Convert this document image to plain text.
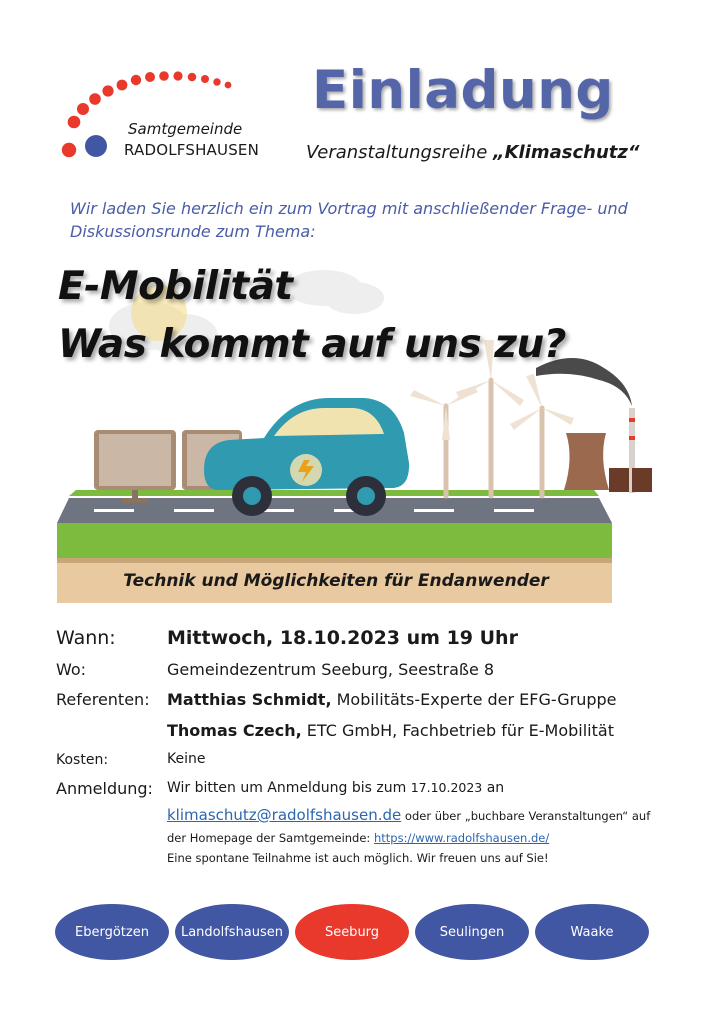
Samtgemeinde
RADOLFSHAUSEN
Einladung
Veranstaltungsreihe „Klimaschutz“
Wir laden Sie herzlich ein zum Vortrag mit anschließender Frage- und Diskussionsrunde zum Thema:
E-Mobilität
Was kommt auf uns zu?
Technik und Möglichkeiten für Endanwender
Wann:	Mittwoch, 18.10.2023 um 19 Uhr
Wo:	Gemeindezentrum Seeburg, Seestraße 8
Referenten: Matthias Schmidt, Mobilitäts-Experte der EFG-Gruppe
Thomas Czech, ETC GmbH, Fachbetrieb für E-Mobilität
Kosten:	Keine
Anmeldung: Wir bitten um Anmeldung bis zum 17.10.2023 an
klimaschutz@radolfshausen.de oder über „buchbare Veranstaltungen“ auf
der Homepage der Samtgemeinde: https://www.radolfshausen.de/
Eine spontane Teilnahme ist auch möglich. Wir freuen uns auf Sie!
Ebergötzen	Landolfshausen	Seeburg	Seulingen	Waake
